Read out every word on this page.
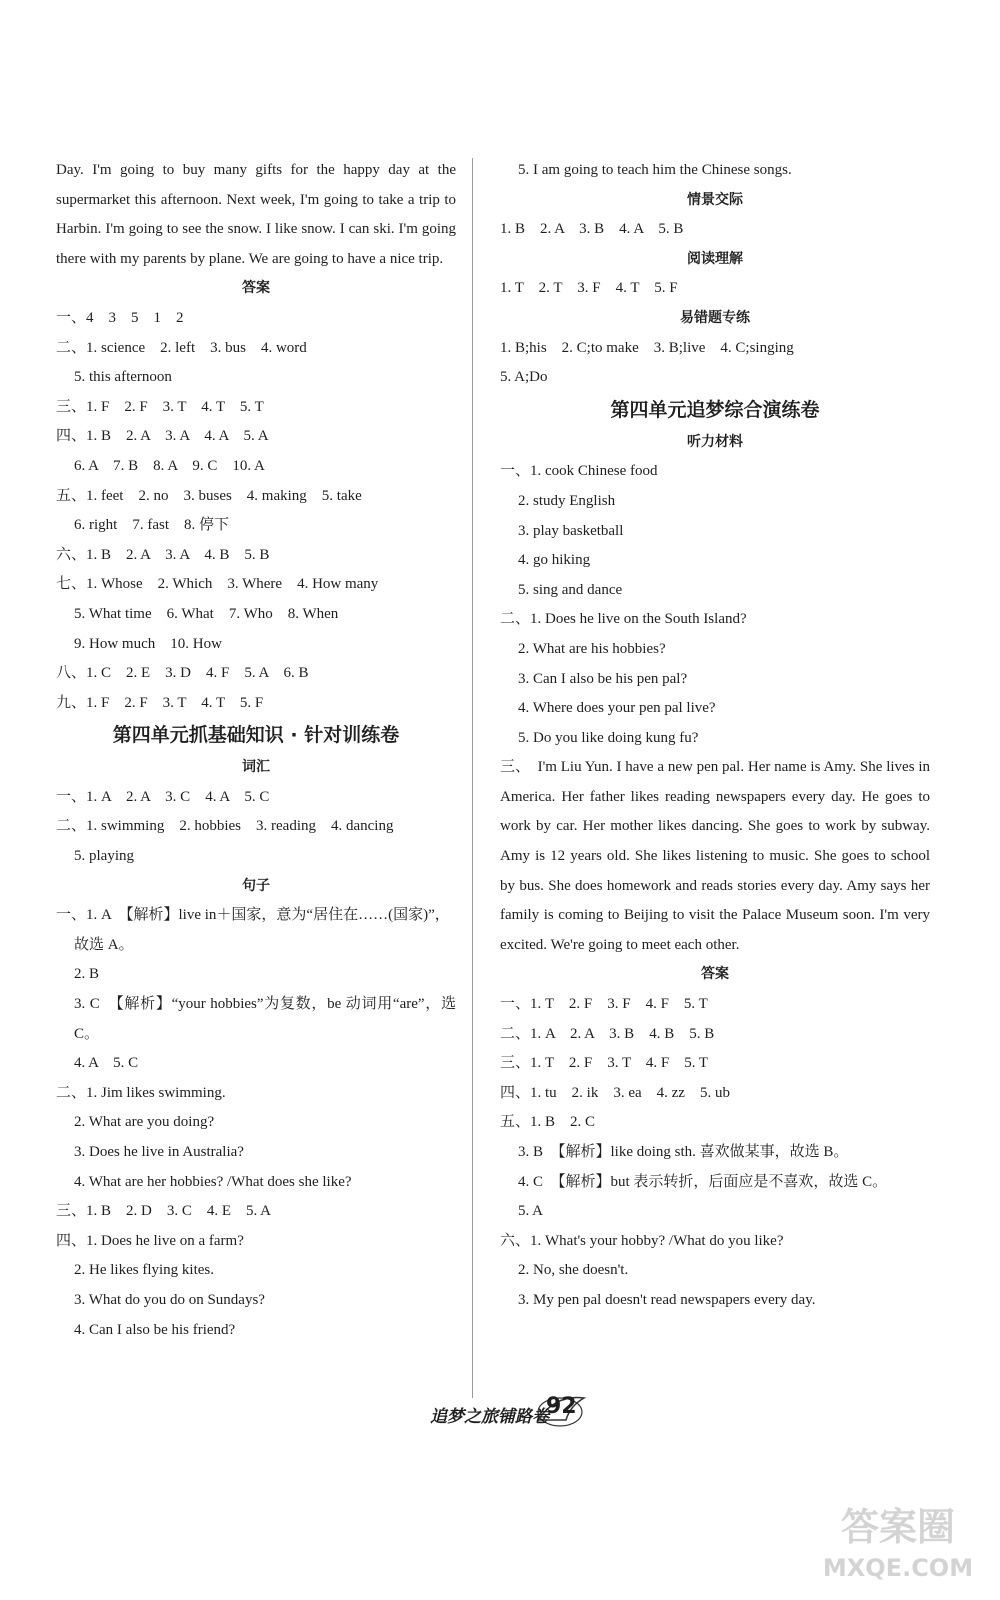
Day. I'm going to buy many gifts for the happy day at the supermarket this afternoon. Next week, I'm going to take a trip to Harbin. I'm going to see the snow. I like snow. I can ski. I'm going there with my parents by plane. We are going to have a nice trip.
答案
一、4　3　5　1　2
二、1. science　2. left　3. bus　4. word
5. this afternoon
三、1. F　2. F　3. T　4. T　5. T
四、1. B　2. A　3. A　4. A　5. A
6. A　7. B　8. A　9. C　10. A
五、1. feet　2. no　3. buses　4. making　5. take
6. right　7. fast　8. 停下
六、1. B　2. A　3. A　4. B　5. B
七、1. Whose　2. Which　3. Where　4. How many
5. What time　6. What　7. Who　8. When
9. How much　10. How
八、1. C　2. E　3. D　4. F　5. A　6. B
九、1. F　2. F　3. T　4. T　5. F
第四单元抓基础知识 · 针对训练卷
词汇
一、1. A　2. A　3. C　4. A　5. C
二、1. swimming　2. hobbies　3. reading　4. dancing
5. playing
句子
一、1. A　【解析】live in＋国家，意为“居住在……(国家)”，故选 A。
2. B
3. C　【解析】“your hobbies”为复数，be 动词用“are”，选 C。
4. A　5. C
二、1. Jim likes swimming.
2. What are you doing?
3. Does he live in Australia?
4. What are her hobbies? /What does she like?
三、1. B　2. D　3. C　4. E　5. A
四、1. Does he live on a farm?
2. He likes flying kites.
3. What do you do on Sundays?
4. Can I also be his friend?
5. I am going to teach him the Chinese songs.
情景交际
1. B　2. A　3. B　4. A　5. B
阅读理解
1. T　2. T　3. F　4. T　5. F
易错题专练
1. B;his　2. C;to make　3. B;live　4. C;singing
5. A;Do
第四单元追梦综合演练卷
听力材料
一、1. cook Chinese food
2. study English
3. play basketball
4. go hiking
5. sing and dance
二、1. Does he live on the South Island?
2. What are his hobbies?
3. Can I also be his pen pal?
4. Where does your pen pal live?
5. Do you like doing kung fu?
三、　I'm Liu Yun. I have a new pen pal. Her name is Amy. She lives in America. Her father likes reading newspapers every day. He goes to work by car. Her mother likes dancing. She goes to work by subway. Amy is 12 years old. She likes listening to music. She goes to school by bus. She does homework and reads stories every day. Amy says her family is coming to Beijing to visit the Palace Museum soon. I'm very excited. We're going to meet each other.
答案
一、1. T　2. F　3. F　4. F　5. T
二、1. A　2. A　3. B　4. B　5. B
三、1. T　2. F　3. T　4. F　5. T
四、1. tu　2. ik　3. ea　4. zz　5. ub
五、1. B　2. C
3. B　【解析】like doing sth. 喜欢做某事，故选 B。
4. C　【解析】but 表示转折，后面应是不喜欢，故选 C。
5. A
六、1. What's your hobby? /What do you like?
2. No, she doesn't.
3. My pen pal doesn't read newspapers every day.
追梦之旅铺路卷
92
答案圈
MXQE.COM
